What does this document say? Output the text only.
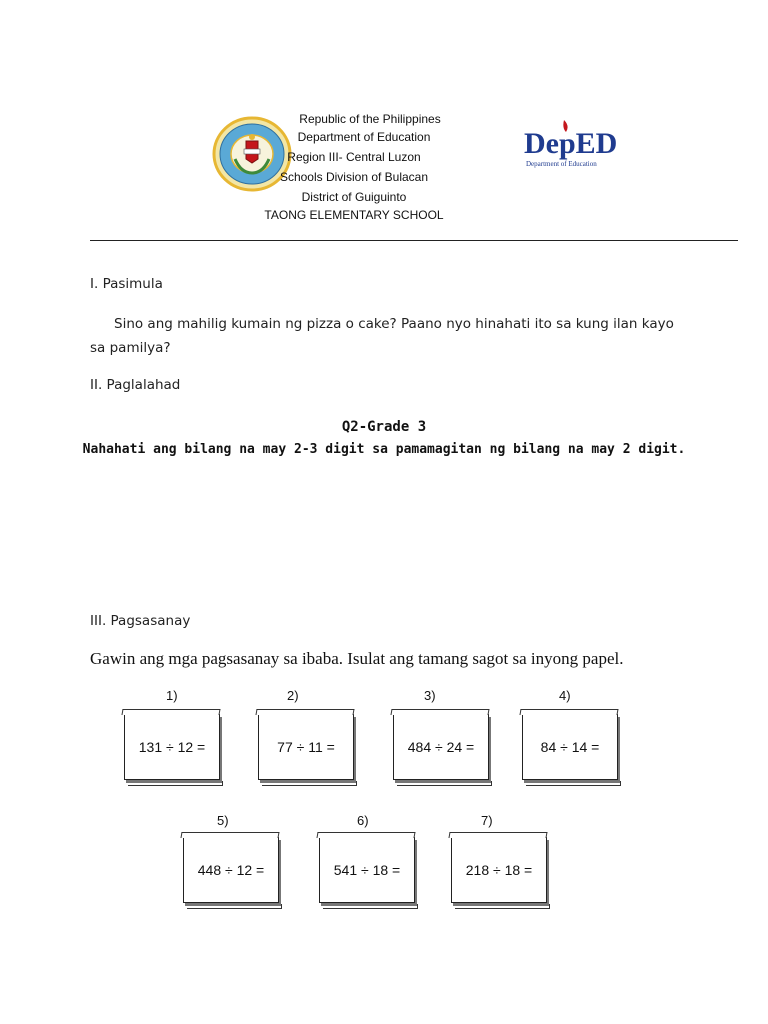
Republic of the Philippines
Department of Education
Region III- Central Luzon
Schools Division of Bulacan
District of Guiguinto
TAONG ELEMENTARY SCHOOL
DepED
Department of Education
I. Pasimula
Sino ang mahilig kumain ng pizza o cake? Paano nyo hinahati ito sa kung ilan kayo
sa pamilya?
II. Paglalahad
Q2-Grade 3
Nahahati ang bilang na may 2-3 digit sa pamamagitan ng bilang na may 2 digit.
III. Pagsasanay
Gawin ang mga pagsasanay sa ibaba. Isulat ang tamang sagot sa inyong papel.
1)
131 ÷ 12 =
2)
77 ÷ 11 =
3)
484 ÷ 24 =
4)
84 ÷ 14 =
5)
448 ÷ 12 =
6)
541 ÷ 18 =
7)
218 ÷ 18 =
